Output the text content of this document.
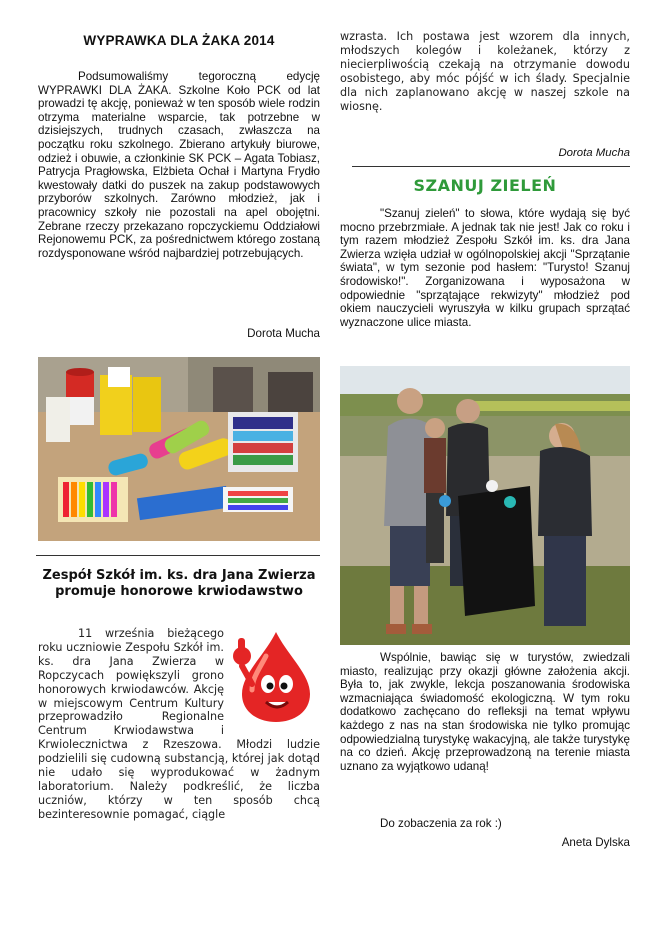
WYPRAWKA DLA ŻAKA 2014

Podsumowaliśmy tegoroczną edycję WYPRAWKI DLA ŻAKA. Szkolne Koło PCK od lat prowadzi tę akcję, ponieważ w ten sposób wiele rodzin otrzyma materialne wsparcie, tak potrzebne w dzisiejszych, trudnych czasach, zwłaszcza na początku roku szkolnego. Zbierano artykuły biurowe, odzież i obuwie, a członkinie SK PCK – Agata Tobiasz, Patrycja Pragłowska, Elżbieta Ochał i Martyna Frydło kwestowały datki do puszek na zakup podstawowych przyborów szkolnych. Zarówno młodzież, jak i pracownicy szkoły nie pozostali na apel obojętni. Zebrane rzeczy przekazano ropczyckiemu Oddziałowi Rejonowemu PCK, za pośrednictwem którego zostaną rozdysponowane wśród najbardziej potrzebujących.

Dorota Mucha
Zespół Szkół im. ks. dra Jana Zwierza promuje honorowe krwiodawstwo

11 września bieżącego roku uczniowie Zespołu Szkół im. ks. dra Jana Zwierza w Ropczycach powiększyli grono honorowych krwiodawców. Akcję w miejscowym Centrum Kultury przeprowadziło Regionalne Centrum Krwiodawstwa i Krwiolecznictwa z Rzeszowa. Młodzi ludzie podzielili się cudowną substancją, której jak dotąd nie udało się wyprodukować w żadnym laboratorium. Należy podkreślić, że liczba uczniów, którzy w ten sposób chcą bezinteresownie pomagać, ciągle

wzrasta. Ich postawa jest wzorem dla innych, młodszych kolegów i koleżanek, którzy z niecierpliwością czekają na otrzymanie dowodu osobistego, aby móc pójść w ich ślady. Specjalnie dla nich zaplanowano akcję w naszej szkole na wiosnę.

Dorota Mucha
SZANUJ ZIELEŃ

"Szanuj zieleń" to słowa, które wydają się być mocno przebrzmiałe. A jednak tak nie jest! Jak co roku i tym razem młodzież Zespołu Szkół im. ks. dra Jana Zwierza wzięła udział w ogólnopolskiej akcji "Sprzątanie świata", w tym sezonie pod hasłem: "Turysto! Szanuj środowisko!". Zorganizowana i wyposażona w odpowiednie "sprzątające rekwizyty" młodzież pod okiem nauczycieli wyruszyła w kilku grupach sprzątać wyznaczone ulice miasta.

Wspólnie, bawiąc się w turystów, zwiedzali miasto, realizując przy okazji główne założenia akcji. Była to, jak zwykle, lekcja poszanowania środowiska wzmacniająca świadomość ekologiczną. W tym roku dodatkowo zachęcano do refleksji na temat wpływu każdego z nas na stan środowiska nie tylko promując odpowiedzialną turystykę wakacyjną, ale także turystykę na co dzień. Akcję przeprowadzoną na terenie miasta uznano za wyjątkowo udaną!

Do zobaczenia za rok :)
Aneta Dylska
